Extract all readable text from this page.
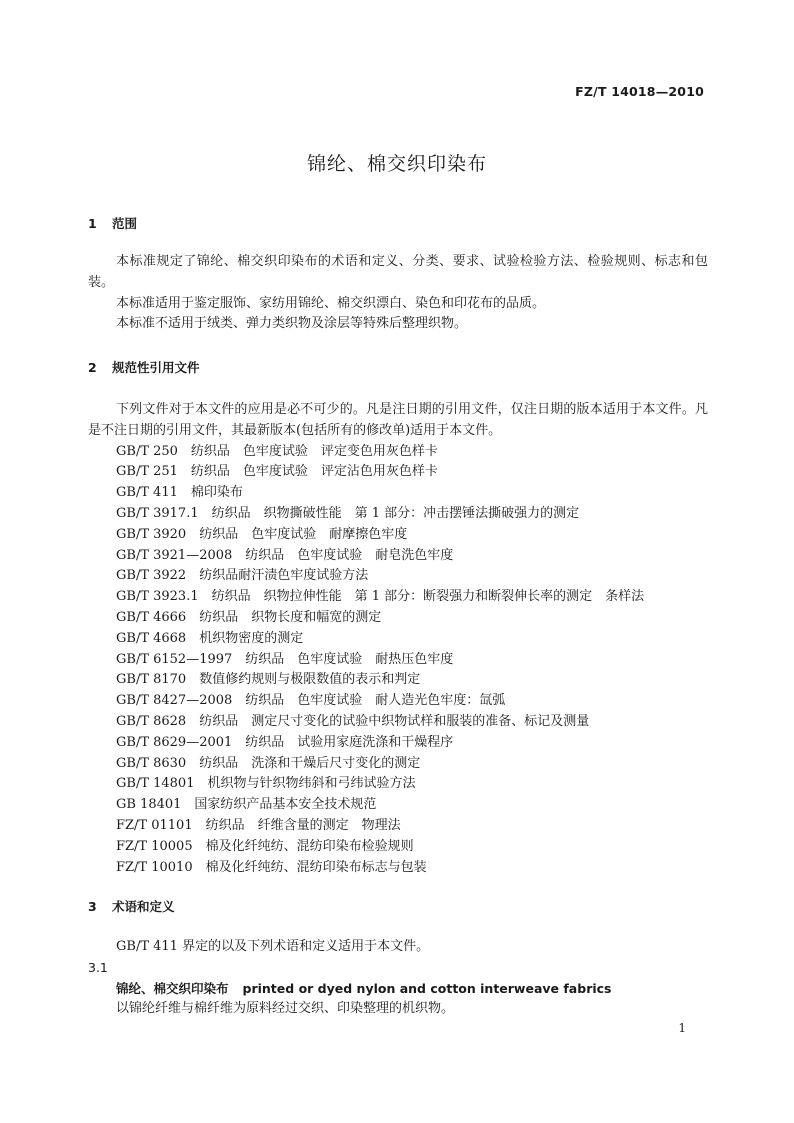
FZ/T 14018—2010
锦纶、棉交织印染布
1 范围

本标准规定了锦纶、棉交织印染布的术语和定义、分类、要求、试验检验方法、检验规则、标志和包装。

本标准适用于鉴定服饰、家纺用锦纶、棉交织漂白、染色和印花布的品质。

本标准不适用于绒类、弹力类织物及涂层等特殊后整理织物。

2 规范性引用文件

下列文件对于本文件的应用是必不可少的。凡是注日期的引用文件，仅注日期的版本适用于本文件。凡是不注日期的引用文件，其最新版本(包括所有的修改单)适用于本文件。

GB/T 250　纺织品　色牢度试验　评定变色用灰色样卡

GB/T 251　纺织品　色牢度试验　评定沾色用灰色样卡

GB/T 411　棉印染布

GB/T 3917.1　纺织品　织物撕破性能　第 1 部分：冲击摆锤法撕破强力的测定

GB/T 3920　纺织品　色牢度试验　耐摩擦色牢度

GB/T 3921—2008　纺织品　色牢度试验　耐皂洗色牢度

GB/T 3922　纺织品耐汗渍色牢度试验方法

GB/T 3923.1　纺织品　织物拉伸性能　第 1 部分：断裂强力和断裂伸长率的测定　条样法

GB/T 4666　纺织品　织物长度和幅宽的测定

GB/T 4668　机织物密度的测定

GB/T 6152—1997　纺织品　色牢度试验　耐热压色牢度

GB/T 8170　数值修约规则与极限数值的表示和判定

GB/T 8427—2008　纺织品　色牢度试验　耐人造光色牢度：氙弧

GB/T 8628　纺织品　测定尺寸变化的试验中织物试样和服装的准备、标记及测量

GB/T 8629—2001　纺织品　试验用家庭洗涤和干燥程序

GB/T 8630　纺织品　洗涤和干燥后尺寸变化的测定

GB/T 14801　机织物与针织物纬斜和弓纬试验方法

GB 18401　国家纺织产品基本安全技术规范

FZ/T 01101　纺织品　纤维含量的测定　物理法

FZ/T 10005　棉及化纤纯纺、混纺印染布检验规则

FZ/T 10010　棉及化纤纯纺、混纺印染布标志与包装

3 术语和定义

GB/T 411 界定的以及下列术语和定义适用于本文件。

3.1
锦纶、棉交织印染布 printed or dyed nylon and cotton interweave fabrics

以锦纶纤维与棉纤维为原料经过交织、印染整理的机织物。

1
